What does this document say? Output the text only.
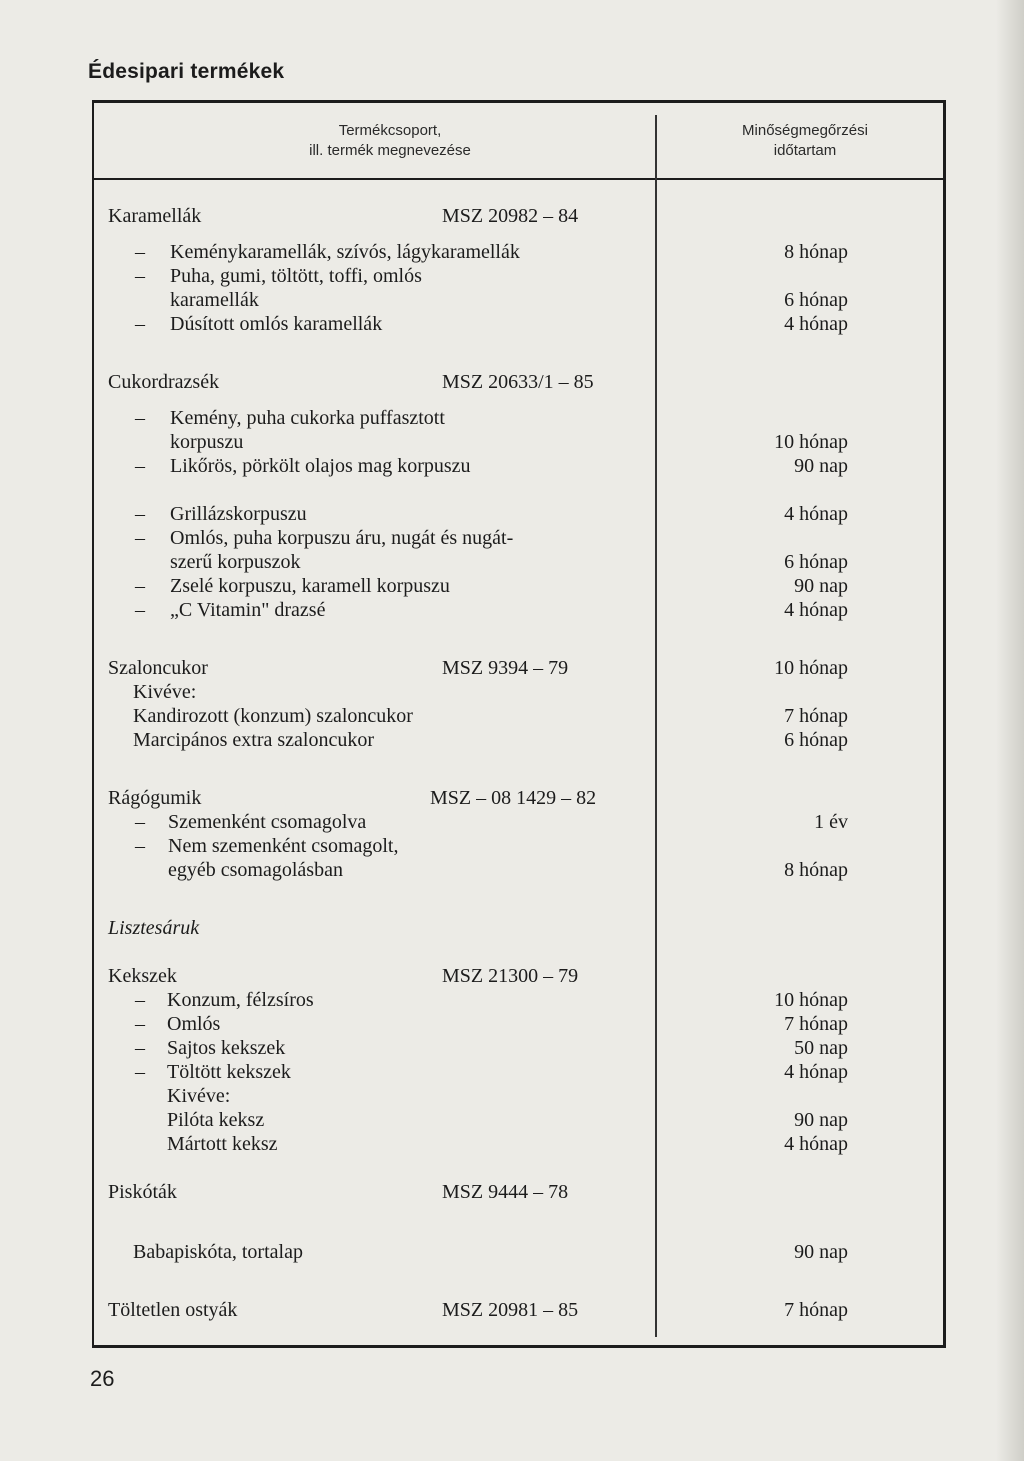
Édesipari termékek
Termékcsoport,
ill. termék megnevezése
Minőségmegőrzési
időtartam
Karamellák	MSZ 20982 – 84
– Keménykaramellák, szívós, lágykaramellák	8 hónap
– Puha, gumi, töltött, toffi, omlós
karamellák	6 hónap
– Dúsított omlós karamellák	4 hónap
Cukordrazsék	MSZ 20633/1 – 85
– Kemény, puha cukorka puffasztott
korpuszu	10 hónap
– Likőrös, pörkölt olajos mag korpuszu	90 nap
– Grillázskorpuszu	4 hónap
– Omlós, puha korpuszu áru, nugát és nugát-
szerű korpuszok	6 hónap
– Zselé korpuszu, karamell korpuszu	90 nap
– „C Vitamin" drazsé	4 hónap
Szaloncukor	MSZ 9394 – 79	10 hónap
Kivéve:
Kandirozott (konzum) szaloncukor	7 hónap
Marcipános extra szaloncukor	6 hónap
Rágógumik	MSZ – 08 1429 – 82
– Szemenként csomagolva	1 év
– Nem szemenként csomagolt,
egyéb csomagolásban	8 hónap
Lisztesáruk
Kekszek	MSZ 21300 – 79
– Konzum, félzsíros	10 hónap
– Omlós	7 hónap
– Sajtos kekszek	50 nap
– Töltött kekszek	4 hónap
Kivéve:
Pilóta keksz	90 nap
Mártott keksz	4 hónap
Piskóták	MSZ 9444 – 78
Babapiskóta, tortalap	90 nap
Töltetlen ostyák	MSZ 20981 – 85	7 hónap
26
